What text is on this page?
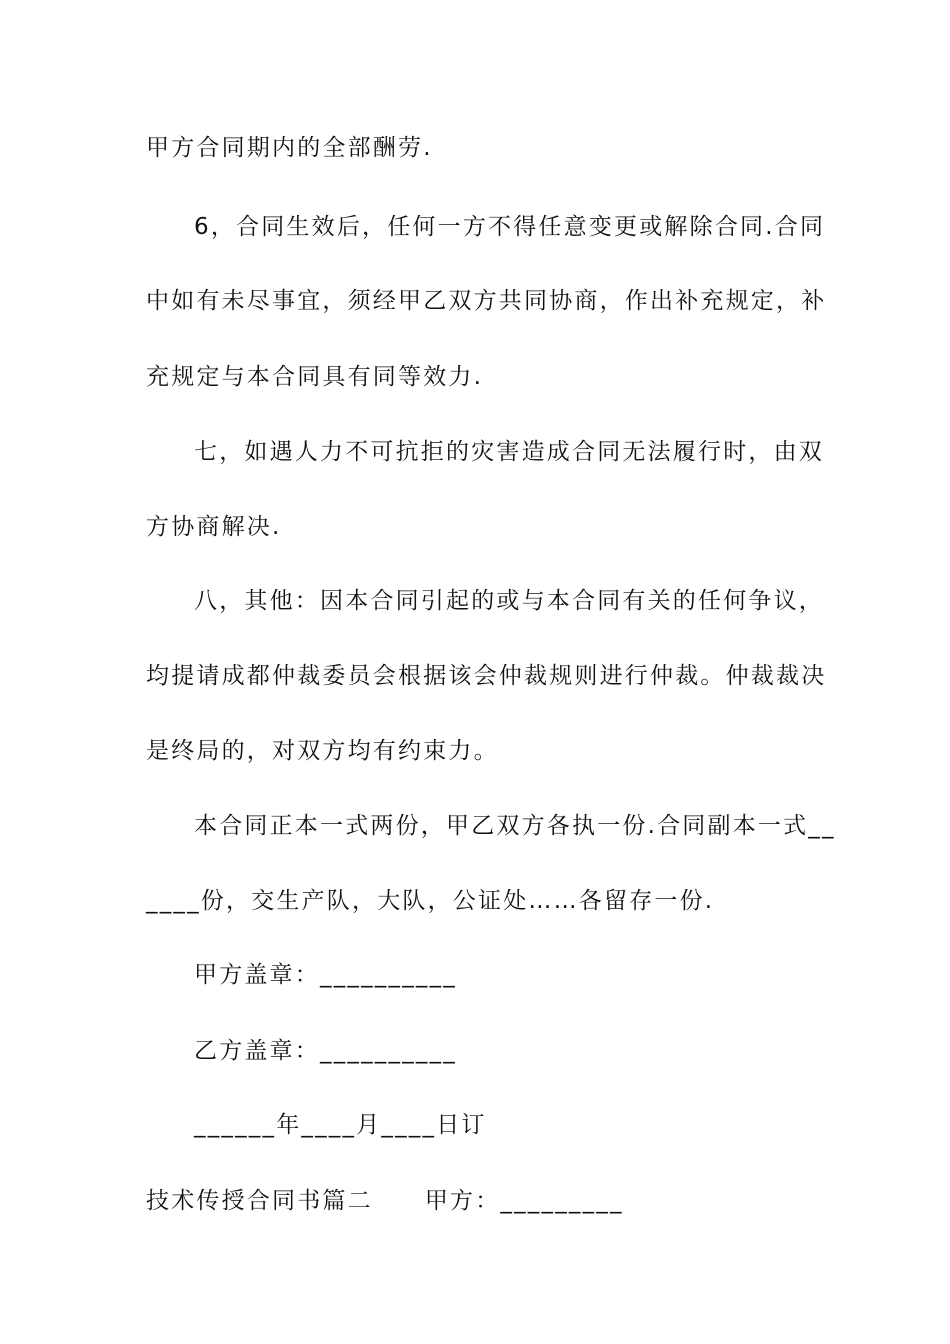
甲方合同期内的全部酬劳.
6，合同生效后，任何一方不得任意变更或解除合同.合同
中如有未尽事宜，须经甲乙双方共同协商，作出补充规定，补
充规定与本合同具有同等效力.
七，如遇人力不可抗拒的灾害造成合同无法履行时，由双
方协商解决.
八，其他：因本合同引起的或与本合同有关的任何争议，
均提请成都仲裁委员会根据该会仲裁规则进行仲裁。仲裁裁决
是终局的，对双方均有约束力。
本合同正本一式两份，甲乙双方各执一份.合同副本一式__
____份，交生产队，大队，公证处……各留存一份.
甲方盖章：__________
乙方盖章：__________
______年____月____日订
技术传授合同书篇二 甲方：_________
